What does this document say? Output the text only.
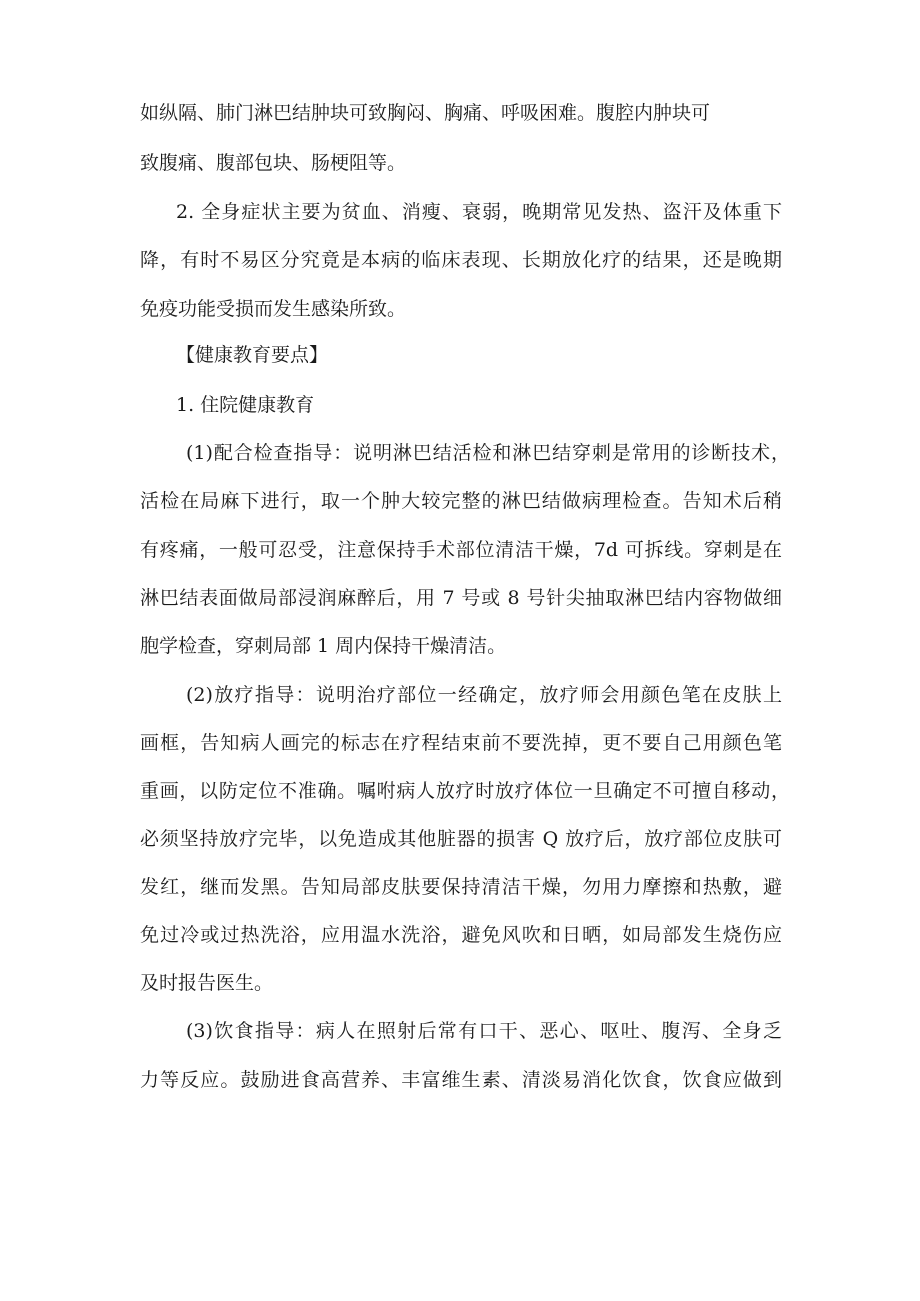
如纵隔、肺门淋巴结肿块可致胸闷、胸痛、呼吸困难。腹腔内肿块可
致腹痛、腹部包块、肠梗阻等。
2. 全身症状主要为贫血、消瘦、衰弱，晚期常见发热、盗汗及体重下
降，有时不易区分究竟是本病的临床表现、长期放化疗的结果，还是晚期
免疫功能受损而发生感染所致。
【健康教育要点】
1. 住院健康教育
(1)配合检查指导：说明淋巴结活检和淋巴结穿刺是常用的诊断技术，
活检在局麻下进行，取一个肿大较完整的淋巴结做病理检查。告知术后稍
有疼痛，一般可忍受，注意保持手术部位清洁干燥，7d 可拆线。穿刺是在
淋巴结表面做局部浸润麻醉后，用 7 号或 8 号针尖抽取淋巴结内容物做细
胞学检查，穿刺局部 1 周内保持干燥清洁。
(2)放疗指导：说明治疗部位一经确定，放疗师会用颜色笔在皮肤上
画框，告知病人画完的标志在疗程结束前不要洗掉，更不要自己用颜色笔
重画，以防定位不准确。嘱咐病人放疗时放疗体位一旦确定不可擅自移动，
必须坚持放疗完毕，以免造成其他脏器的损害 Q 放疗后，放疗部位皮肤可
发红，继而发黑。告知局部皮肤要保持清洁干燥，勿用力摩擦和热敷，避
免过冷或过热洗浴，应用温水洗浴，避免风吹和日晒，如局部发生烧伤应
及时报告医生。
(3)饮食指导：病人在照射后常有口干、恶心、呕吐、腹泻、全身乏
力等反应。鼓励进食高营养、丰富维生素、清淡易消化饮食，饮食应做到
